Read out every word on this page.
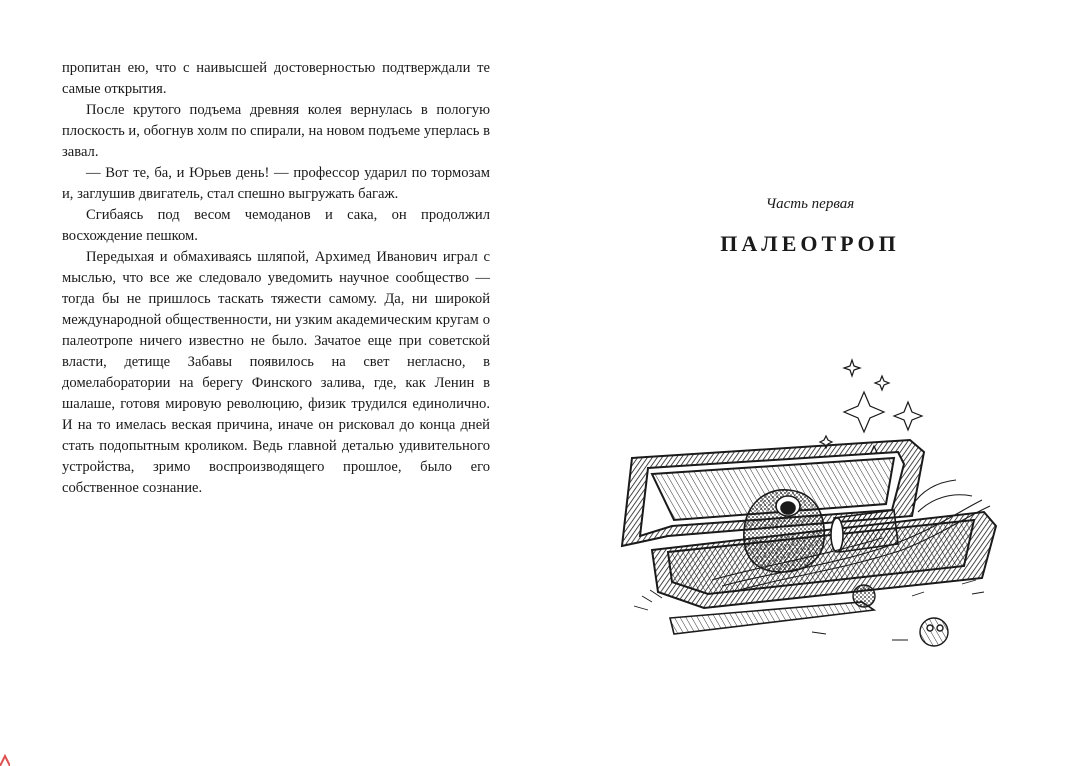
пропитан ею, что с наивысшей достоверностью подтверждали те самые открытия.

После крутого подъема древняя колея вернулась в пологую плоскость и, обогнув холм по спирали, на новом подъеме уперлась в завал.

— Вот те, ба, и Юрьев день! — профессор ударил по тормозам и, заглушив двигатель, стал спешно выгружать багаж.

Сгибаясь под весом чемоданов и сака, он продолжил восхождение пешком.

Передыхая и обмахиваясь шляпой, Архимед Иванович играл с мыслью, что все же следовало уведомить научное сообщество — тогда бы не пришлось таскать тяжести самому. Да, ни широкой международной общественности, ни узким академическим кругам о палеотропе ничего известно не было. Зачатое еще при советской власти, детище Забавы появилось на свет негласно, в домелаборатории на берегу Финского залива, где, как Ленин в шалаше, готовя мировую революцию, физик трудился единолично. И на то имелась веская причина, иначе он рисковал до конца дней стать подопытным кроликом. Ведь главной деталью удивительного устройства, зримо воспроизводящего прошлое, было его собственное сознание.

Часть первая
ПАЛЕОТРОП
